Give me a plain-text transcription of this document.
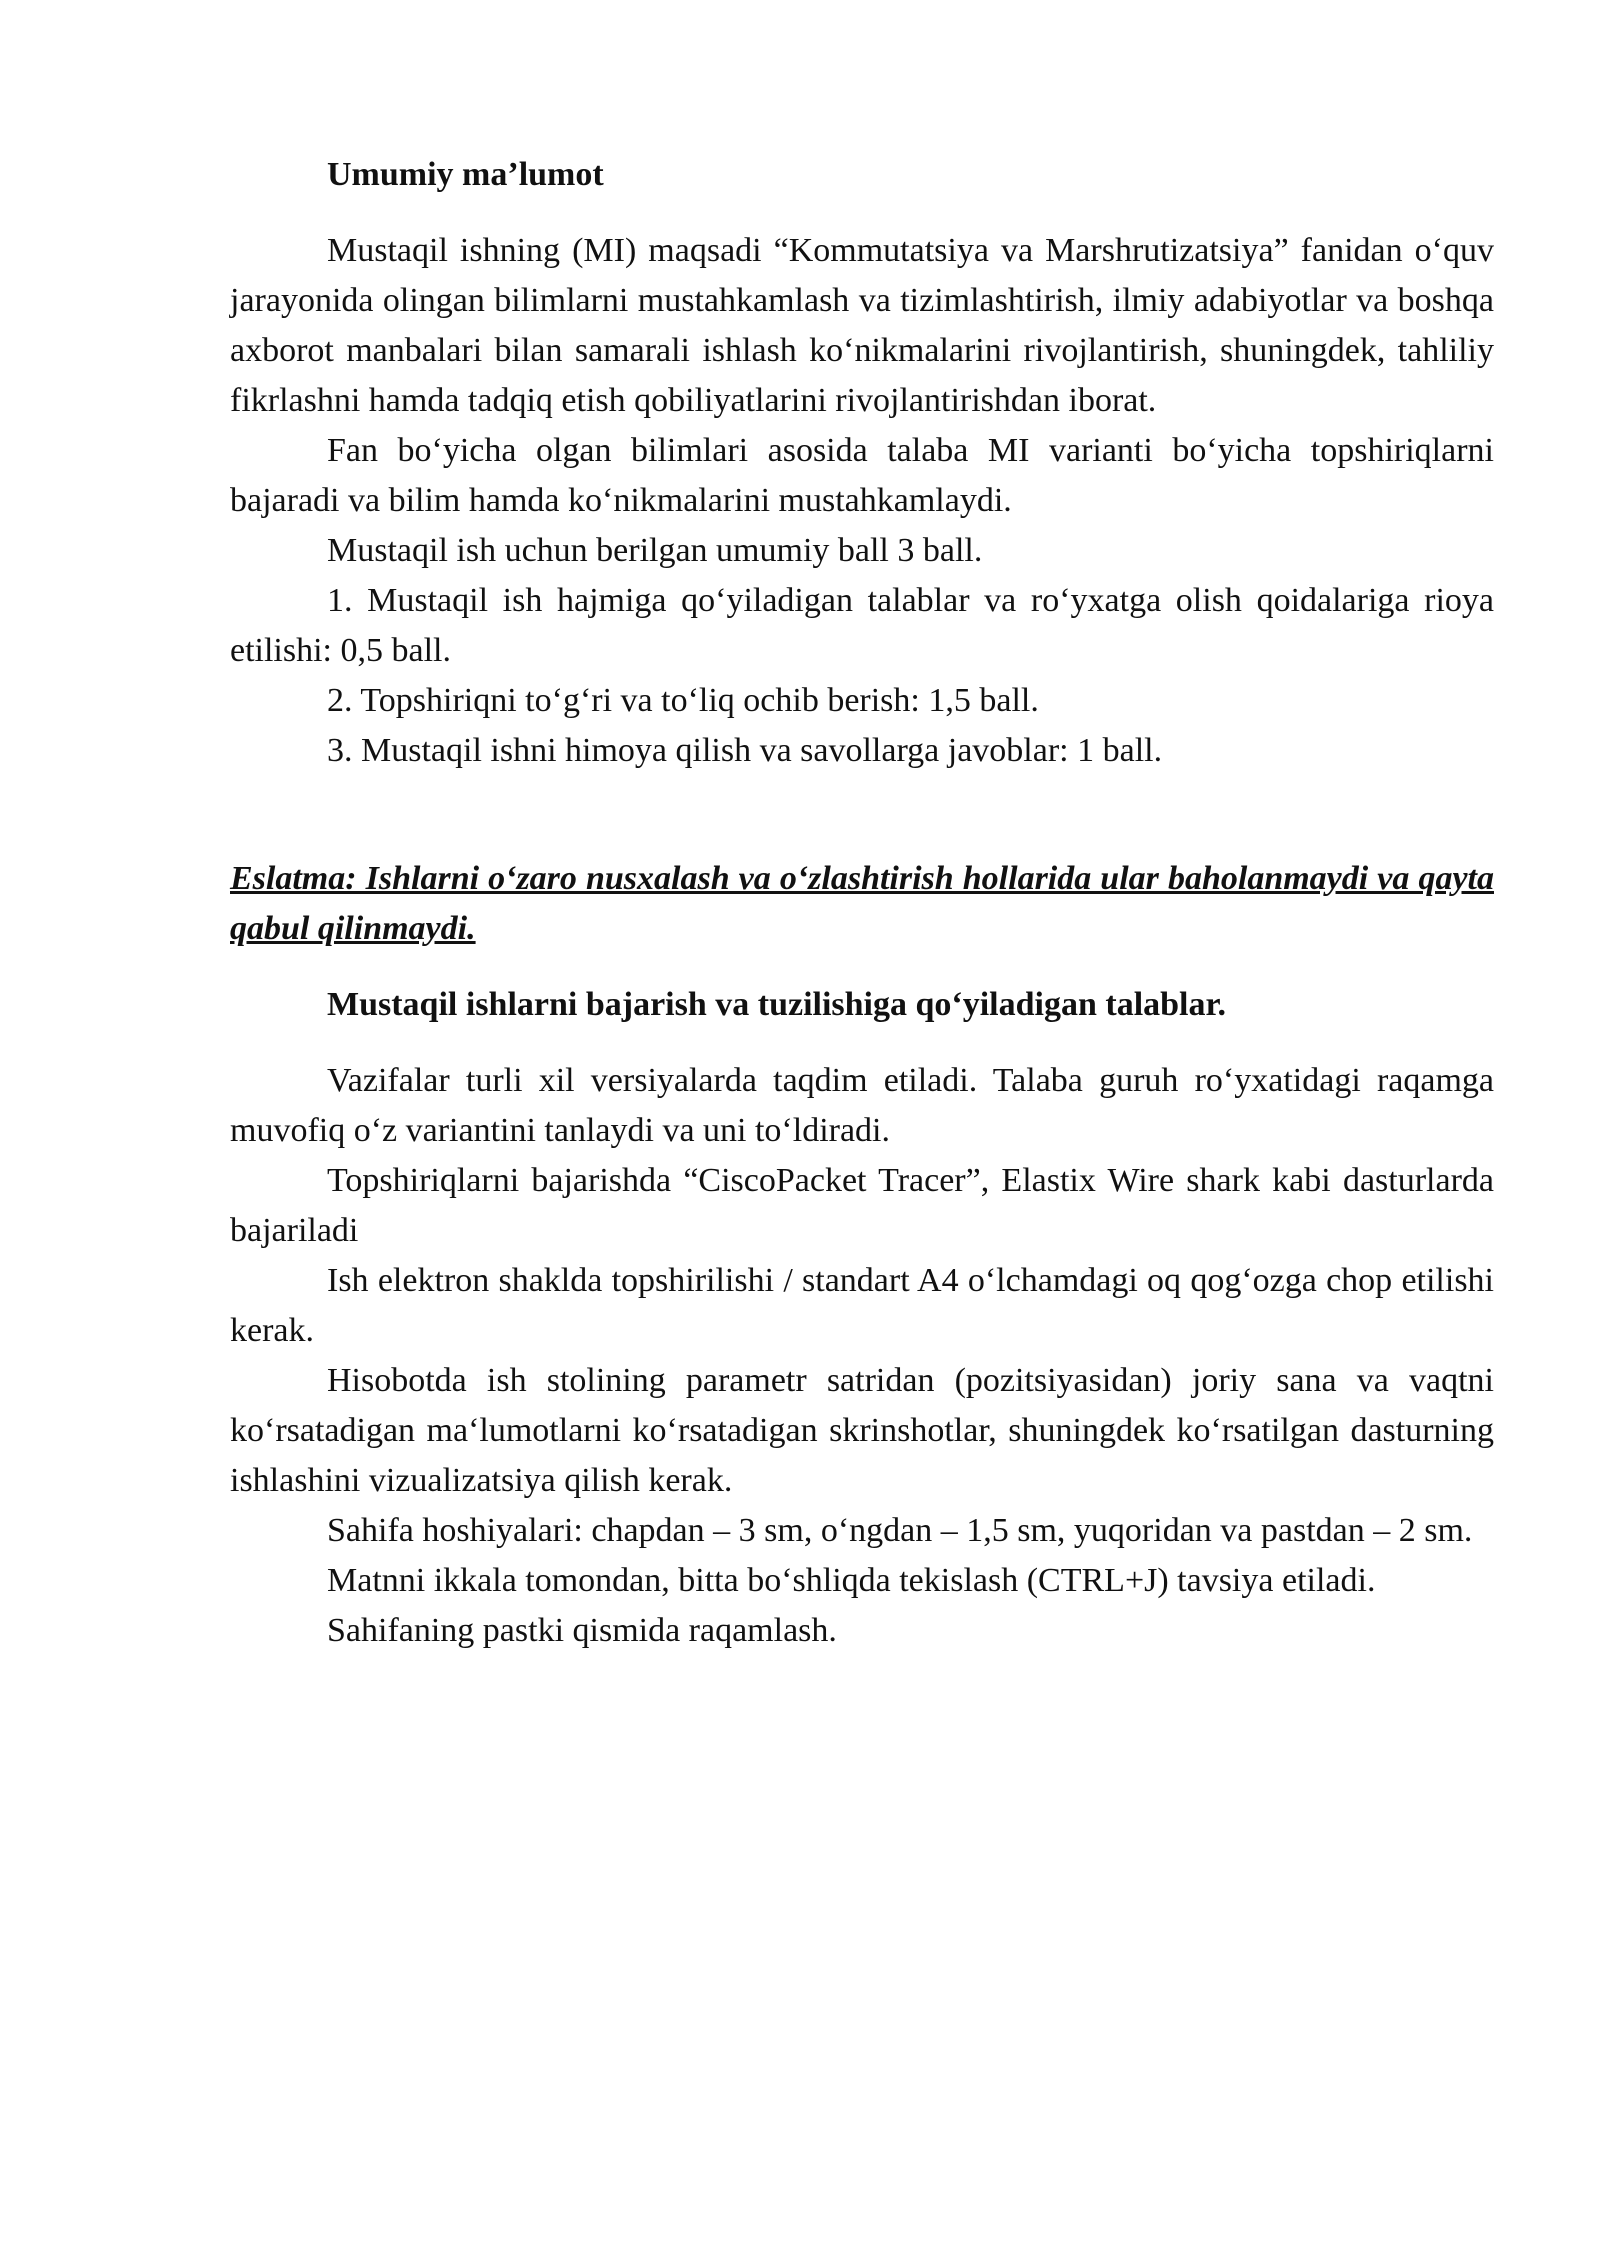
Umumiy ma’lumot

Mustaqil ishning (MI) maqsadi “Kommutatsiya va Marshrutizatsiya” fanidan o‘quv jarayonida olingan bilimlarni mustahkamlash va tizimlashtirish, ilmiy adabiyotlar va boshqa axborot manbalari bilan samarali ishlash ko‘nikmalarini rivojlantirish, shuningdek, tahliliy fikrlashni hamda tadqiq etish qobiliyatlarini rivojlantirishdan iborat.

Fan bo‘yicha olgan bilimlari asosida talaba MI varianti bo‘yicha topshiriqlarni bajaradi va bilim hamda ko‘nikmalarini mustahkamlaydi.

Mustaqil ish uchun berilgan umumiy ball 3 ball.

1. Mustaqil ish hajmiga qo‘yiladigan talablar va ro‘yxatga olish qoidalariga rioya etilishi: 0,5 ball.

2. Topshiriqni to‘g‘ri va to‘liq ochib berish: 1,5 ball.

3. Mustaqil ishni himoya qilish va savollarga javoblar: 1 ball.

Eslatma: Ishlarni o‘zaro nusxalash va o‘zlashtirish hollarida ular baholanmaydi va qayta qabul qilinmaydi.

Mustaqil ishlarni bajarish va tuzilishiga qo‘yiladigan talablar.

Vazifalar turli xil versiyalarda taqdim etiladi. Talaba guruh ro‘yxatidagi raqamga muvofiq o‘z variantini tanlaydi va uni to‘ldiradi.

Topshiriqlarni bajarishda “CiscoPacket Tracer”, Elastix Wire shark kabi dasturlarda bajariladi

Ish elektron shaklda topshirilishi / standart A4 o‘lchamdagi oq qog‘ozga chop etilishi kerak.

Hisobotda ish stolining parametr satridan (pozitsiyasidan) joriy sana va vaqtni ko‘rsatadigan ma‘lumotlarni ko‘rsatadigan skrinshotlar, shuningdek ko‘rsatilgan dasturning ishlashini vizualizatsiya qilish kerak.

Sahifa hoshiyalari: chapdan – 3 sm, o‘ngdan – 1,5 sm, yuqoridan va pastdan – 2 sm.

Matnni ikkala tomondan, bitta bo‘shliqda tekislash (CTRL+J) tavsiya etiladi.

Sahifaning pastki qismida raqamlash.
